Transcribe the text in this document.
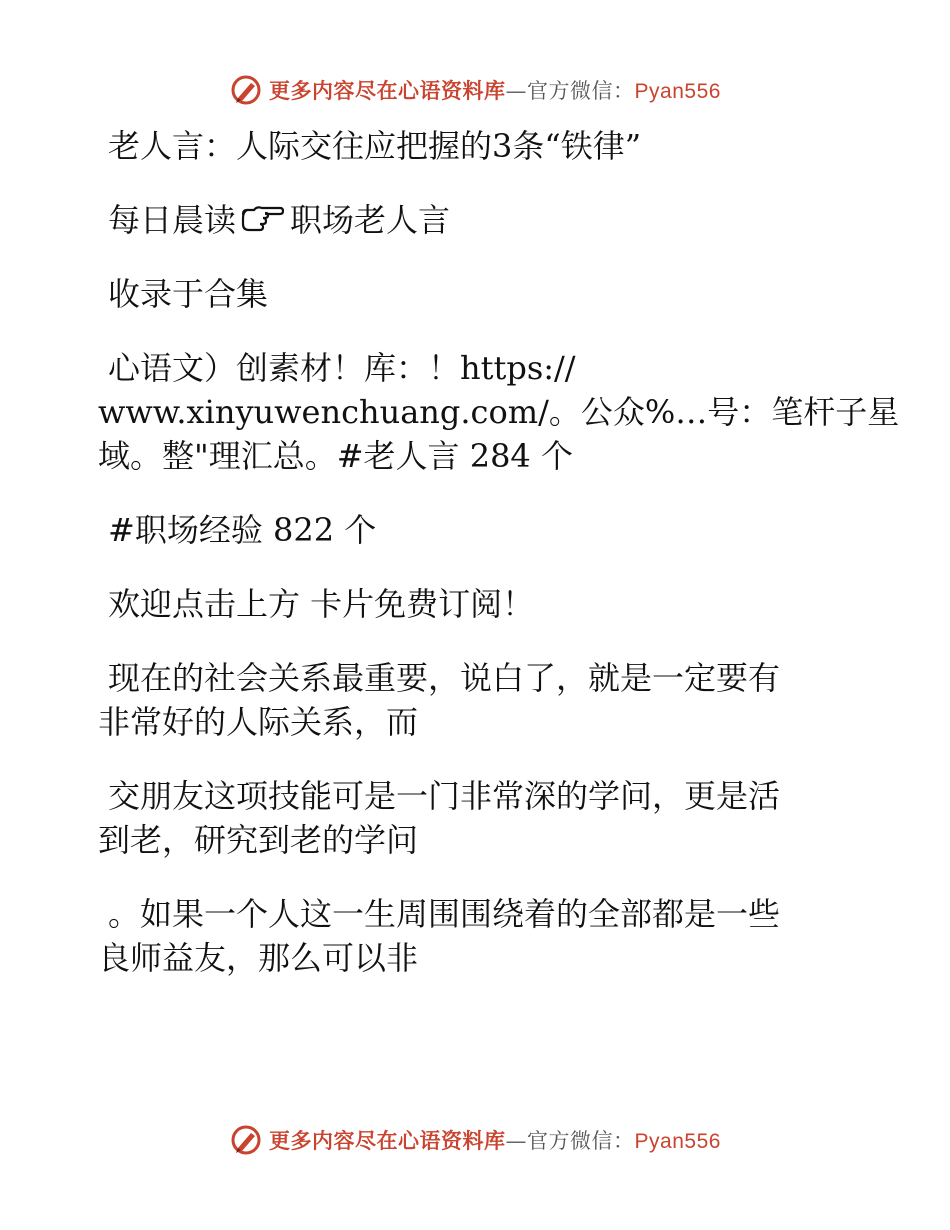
更多内容尽在心语资料库—官方微信：Pyan556
老人言：人际交往应把握的3条“铁律”
每日晨读 职场老人言
收录于合集
心语文）创素材！库：！https://
www.xinyuwenchuang.com/。公众%…号：笔杆子星
域。整"理汇总。#老人言 284 个
#职场经验 822 个
欢迎点击上方 卡片免费订阅！
现在的社会关系最重要，说白了，就是一定要有
非常好的人际关系，而
交朋友这项技能可是一门非常深的学问，更是活
到老，研究到老的学问
。如果一个人这一生周围围绕着的全部都是一些
良师益友，那么可以非
更多内容尽在心语资料库—官方微信：Pyan556
